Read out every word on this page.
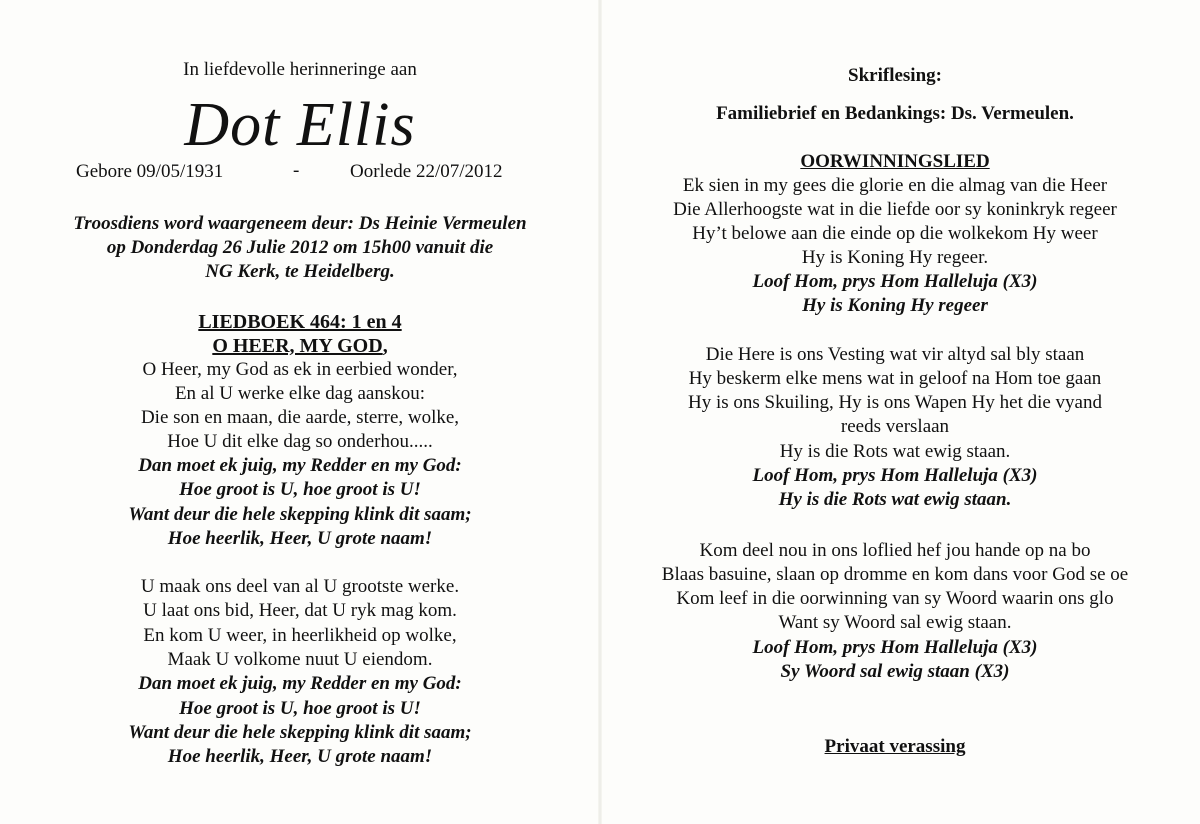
In liefdevolle herinneringe aan
Dot Ellis
Gebore 09/05/1931	-	Oorlede 22/07/2012
Troosdiens word waargeneem deur: Ds Heinie Vermeulen
op Donderdag 26 Julie 2012 om 15h00 vanuit die
NG Kerk, te Heidelberg.
LIEDBOEK 464: 1 en 4
O HEER, MY GOD,
O Heer, my God as ek in eerbied wonder,
En al U werke elke dag aanskou:
Die son en maan, die aarde, sterre, wolke,
Hoe U dit elke dag so onderhou.....
Dan moet ek juig, my Redder en my God:
Hoe groot is U, hoe groot is U!
Want deur die hele skepping klink dit saam;
Hoe heerlik, Heer, U grote naam!
U maak ons deel van al U grootste werke.
U laat ons bid, Heer, dat U ryk mag kom.
En kom U weer, in heerlikheid op wolke,
Maak U volkome nuut U eiendom.
Dan moet ek juig, my Redder en my God:
Hoe groot is U, hoe groot is U!
Want deur die hele skepping klink dit saam;
Hoe heerlik, Heer, U grote naam!
Skriflesing:
Familiebrief en Bedankings: Ds. Vermeulen.
OORWINNINGSLIED
Ek sien in my gees die glorie en die almag van die Heer
Die Allerhoogste wat in die liefde oor sy koninkryk regeer
Hy’t belowe aan die einde op die wolkekom Hy weer
Hy is Koning Hy regeer.
Loof Hom, prys Hom Halleluja (X3)
Hy is Koning Hy regeer
Die Here is ons Vesting wat vir altyd sal bly staan
Hy beskerm elke mens wat in geloof na Hom toe gaan
Hy is ons Skuiling, Hy is ons Wapen Hy het die vyand
reeds verslaan
Hy is die Rots wat ewig staan.
Loof Hom, prys Hom Halleluja (X3)
Hy is die Rots wat ewig staan.
Kom deel nou in ons loflied hef jou hande op na bo
Blaas basuine, slaan op dromme en kom dans voor God se oe
Kom leef in die oorwinning van sy Woord waarin ons glo
Want sy Woord sal ewig staan.
Loof Hom, prys Hom Halleluja (X3)
Sy Woord sal ewig staan (X3)
Privaat verassing
